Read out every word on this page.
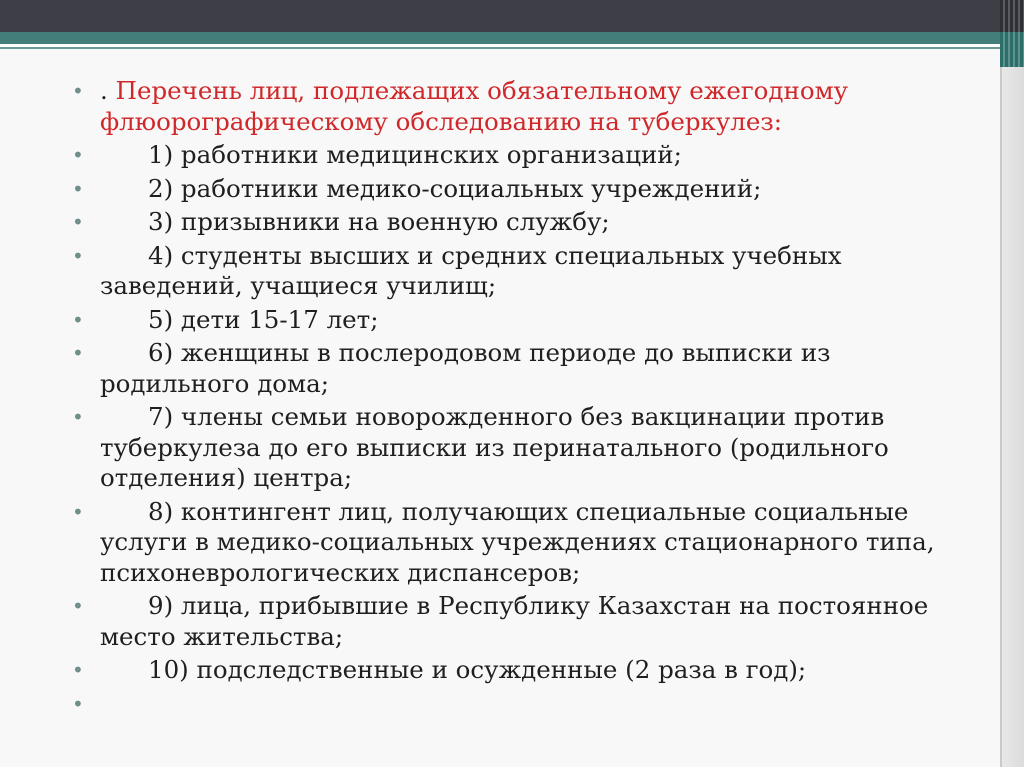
• . Перечень лиц, подлежащих обязательному ежегодному флюорографическому обследованию на туберкулез:
•	1) работники медицинских организаций;
•	2) работники медико-социальных учреждений;
•	3) призывники на военную службу;
•	4) студенты высших и средних специальных учебных заведений, учащиеся училищ;
•	5) дети 15-17 лет;
•	6) женщины в послеродовом периоде до выписки из родильного дома;
•	7) члены семьи новорожденного без вакцинации против туберкулеза до его выписки из перинатального (родильного отделения) центра;
•	8) контингент лиц, получающих специальные социальные услуги в медико-социальных учреждениях стационарного типа, психоневрологических диспансеров;
•	9) лица, прибывшие в Республику Казахстан на постоянное место жительства;
•	10) подследственные и осужденные (2 раза в год);
•
